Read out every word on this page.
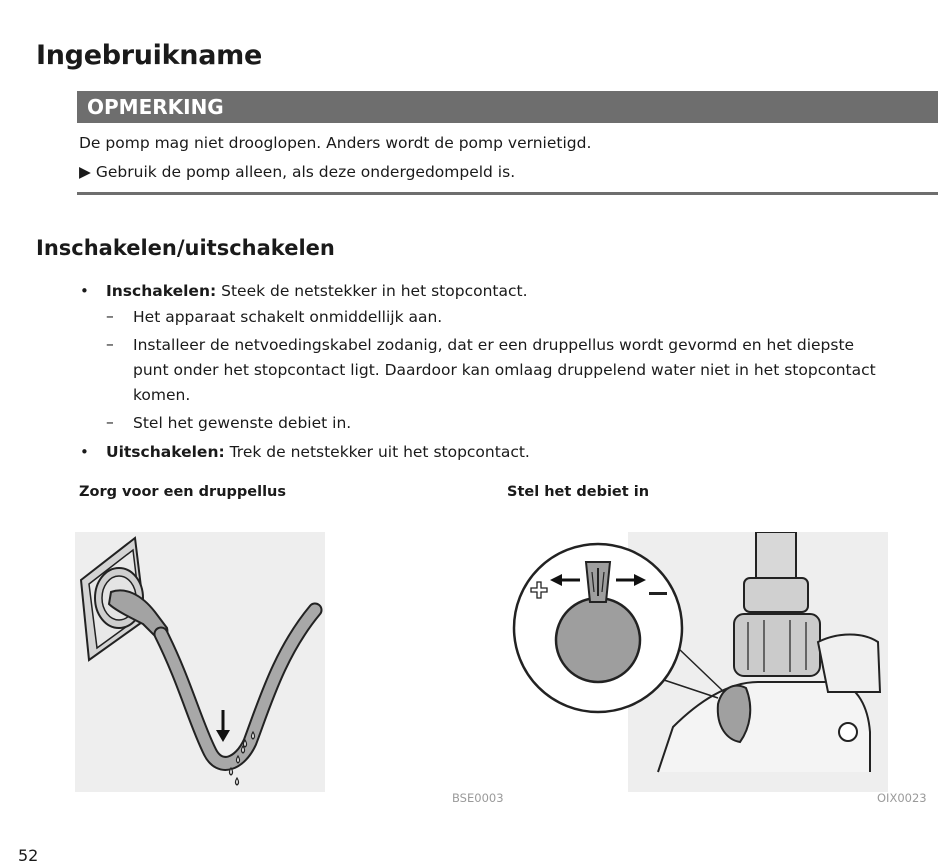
Ingebruikname
OPMERKING
De pomp mag niet drooglopen. Anders wordt de pomp vernietigd.
▶ Gebruik de pomp alleen, als deze ondergedompeld is.
Inschakelen/uitschakelen
• Inschakelen: Steek de netstekker in het stopcontact.
– Het apparaat schakelt onmiddellijk aan.
– Installeer de netvoedingskabel zodanig, dat er een druppellus wordt gevormd en het diepste
punt onder het stopcontact ligt. Daardoor kan omlaag druppelend water niet in het stopcontact
komen.
– Stel het gewenste debiet in.
• Uitschakelen: Trek de netstekker uit het stopcontact.
Zorg voor een druppellus	Stel het debiet in
BSE0003	OIX0023
52
